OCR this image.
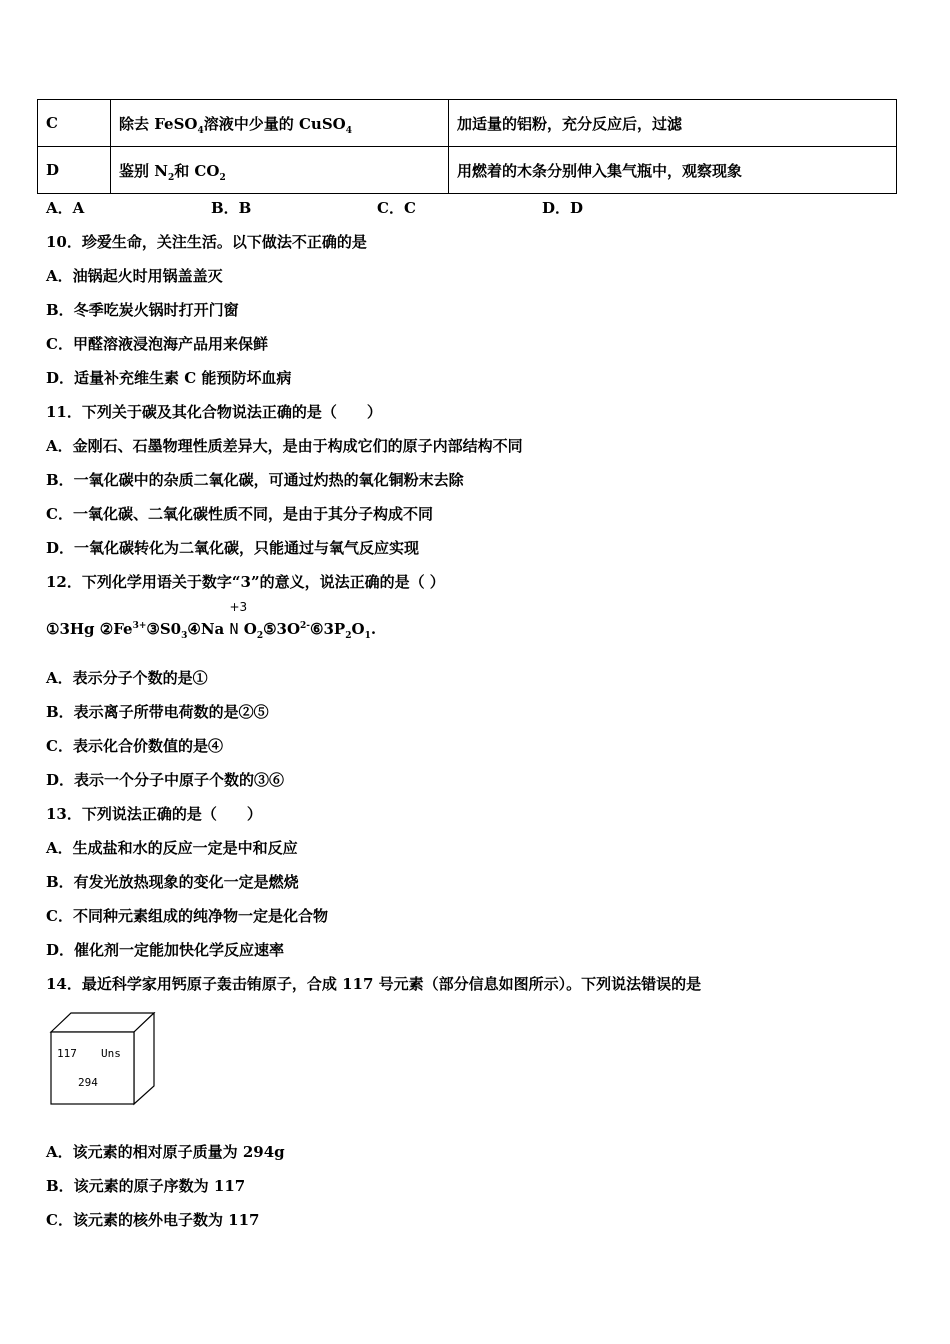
C	除去 FeSO$_4$溶液中少量的 CuSO$_4$	加适量的铝粉，充分反应后，过滤
D	鉴别 $N_2$和 $CO_2$	用燃着的木条分别伸入集气瓶中，观察现象
A．A	B．B	C．C	D．D
10．珍爱生命，关注生活。以下做法不正确的是
A．油锅起火时用锅盖盖灭
B．冬季吃炭火锅时打开门窗
C．甲醛溶液浸泡海产品用来保鲜
D．适量补充维生素 C 能预防坏血病
11．下列关于碳及其化合物说法正确的是（　　）
A．金刚石、石墨物理性质差异大，是由于构成它们的原子内部结构不同
B．一氧化碳中的杂质二氧化碳，可通过灼热的氧化铜粉末去除
C．一氧化碳、二氧化碳性质不同，是由于其分子构成不同
D．一氧化碳转化为二氧化碳，只能通过与氧气反应实现
12．下列化学用语关于数字“3”的意义，说法正确的是（ ）
①3Hg $②Fe^{3+}③S0_3④Na$
+3
N $O_2⑤3O^{2-}⑥3P_2O_1$.
A．表示分子个数的是①
B．表示离子所带电荷数的是②⑤
C．表示化合价数值的是④
D．表示一个分子中原子个数的③⑥
13．下列说法正确的是（　　）
A．生成盐和水的反应一定是中和反应
B．有发光放热现象的变化一定是燃烧
C．不同种元素组成的纯净物一定是化合物
D．催化剂一定能加快化学反应速率
14．最近科学家用钙原子轰击铕原子，合成 117 号元素（部分信息如图所示）。下列说法错误的是
117 Uns
294
A．该元素的相对原子质量为 294g
B．该元素的原子序数为 117
C．该元素的核外电子数为 117
